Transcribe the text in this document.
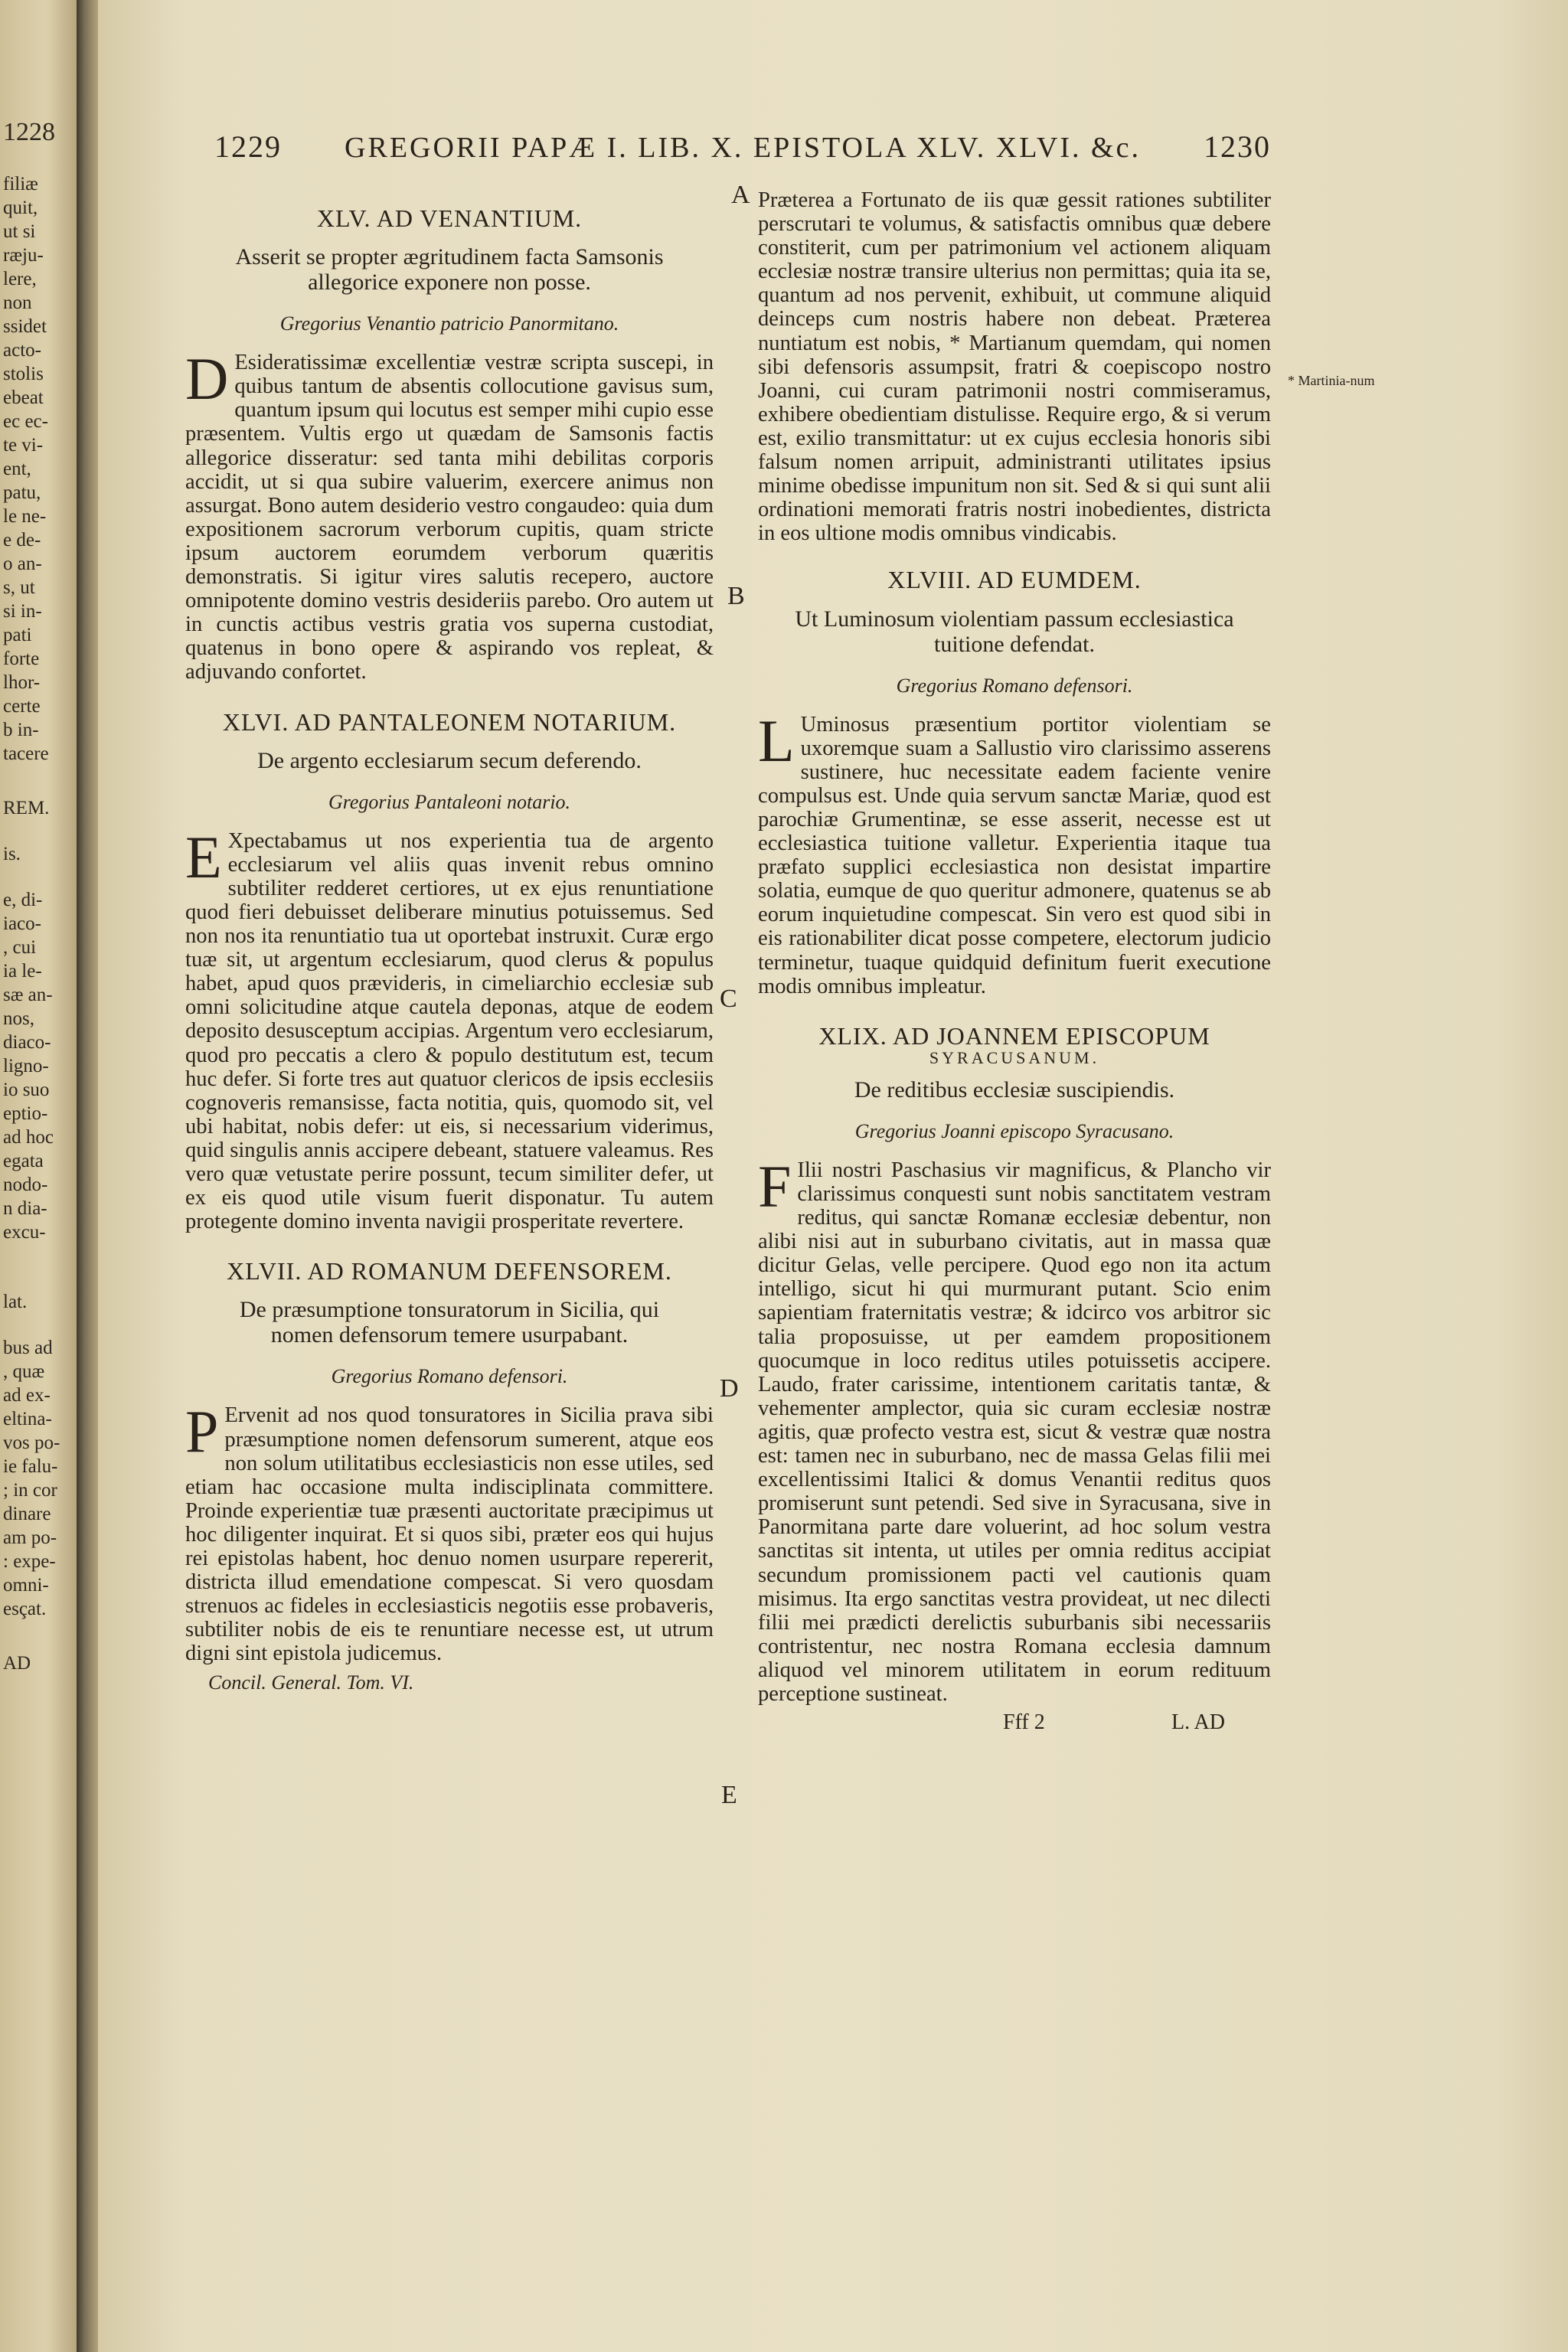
1228
filiæ
quit,
ut si
ræju-
lere,
non
ssidet
acto-
stolis
ebeat
ec ec-
te vi-
ent,
patu,
le ne-
e de-
o an-
s, ut
si in-
pati
forte
lhor-
certe
b in-
tacere
REM.
is.
e, di-
iaco-
, cui
ia le-
sæ an-
nos,
diaco-
ligno-
io suo
eptio-
ad hoc
egata
nodo-
n dia-
excu-
lat.
bus ad
, quæ
ad ex-
eltina-
vos po-
ie falu-
; in cor
dinare
am po-
: expe-
omni-
esçat.
AD
1229 GREGORII PAPÆ I. LIB. X. EPISTOLA XLV. XLVI. &c. 1230
A
B
C
D
E
* Martinia-num
XLV. AD VENANTIUM.
Asserit se propter ægritudinem facta Samsonis allegorice exponere non posse.
Gregorius Venantio patricio Panormitano.

D Esideratissimæ excellentiæ vestræ scripta suscepi, in quibus tantum de absentis collocutione gavisus sum, quantum ipsum qui locutus est semper mihi cupio esse præsentem. Vultis ergo ut quædam de Samsonis factis allegorice disseratur: sed tanta mihi debilitas corporis accidit, ut si qua subire valuerim, exercere animus non assurgat. Bono autem desiderio vestro congaudeo: quia dum expositionem sacrorum verborum cupitis, quam stricte ipsum auctorem eorumdem verborum quæritis demonstratis. Si igitur vires salutis recepero, auctore omnipotente domino vestris desideriis parebo. Oro autem ut in cunctis actibus vestris gratia vos superna custodiat, quatenus in bono opere & aspirando vos repleat, & adjuvando confortet.

XLVI. AD PANTALEONEM NOTARIUM.
De argento ecclesiarum secum deferendo.
Gregorius Pantaleoni notario.

E Xpectabamus ut nos experientia tua de argento ecclesiarum vel aliis quas invenit rebus omnino subtiliter redderet certiores, ut ex ejus renuntiatione quod fieri debuisset deliberare minutius potuissemus. Sed non nos ita renuntiatio tua ut oportebat instruxit. Curæ ergo tuæ sit, ut argentum ecclesiarum, quod clerus & populus habet, apud quos prævideris, in cimeliarchio ecclesiæ sub omni solicitudine atque cautela deponas, atque de eodem deposito desusceptum accipias. Argentum vero ecclesiarum, quod pro peccatis a clero & populo destitutum est, tecum huc defer. Si forte tres aut quatuor clericos de ipsis ecclesiis cognoveris remansisse, facta notitia, quis, quomodo sit, vel ubi habitat, nobis defer: ut eis, si necessarium viderimus, quid singulis annis accipere debeant, statuere valeamus. Res vero quæ vetustate perire possunt, tecum similiter defer, ut ex eis quod utile visum fuerit disponatur. Tu autem protegente domino inventa navigii prosperitate revertere.

XLVII. AD ROMANUM DEFENSOREM.
De præsumptione tonsuratorum in Sicilia, qui nomen defensorum temere usurpabant.
Gregorius Romano defensori.

P Ervenit ad nos quod tonsuratores in Sicilia prava sibi præsumptione nomen defensorum sumerent, atque eos non solum utilitatibus ecclesiasticis non esse utiles, sed etiam hac occasione multa indisciplinata committere. Proinde experientiæ tuæ præsenti auctoritate præcipimus ut hoc diligenter inquirat. Et si quos sibi, præter eos qui hujus rei epistolas habent, hoc denuo nomen usurpare repererit, districta illud emendatione compescat. Si vero quosdam strenuos ac fideles in ecclesiasticis negotiis esse probaveris, subtiliter nobis de eis te renuntiare necesse est, ut utrum digni sint epistola judicemus.

Concil. General. Tom. VI.

Præterea a Fortunato de iis quæ gessit rationes subtiliter perscrutari te volumus, & satisfactis omnibus quæ debere constiterit, cum per patrimonium vel actionem aliquam ecclesiæ nostræ transire ulterius non permittas; quia ita se, quantum ad nos pervenit, exhibuit, ut commune aliquid deinceps cum nostris habere non debeat. Præterea nuntiatum est nobis, * Martianum quemdam, qui nomen sibi defensoris assumpsit, fratri & coepiscopo nostro Joanni, cui curam patrimonii nostri commiseramus, exhibere obedientiam distulisse. Require ergo, & si verum est, exilio transmittatur: ut ex cujus ecclesia honoris sibi falsum nomen arripuit, administranti utilitates ipsius minime obedisse impunitum non sit. Sed & si qui sunt alii ordinationi memorati fratris nostri inobedientes, districta in eos ultione modis omnibus vindicabis.

XLVIII. AD EUMDEM.
Ut Luminosum violentiam passum ecclesiastica tuitione defendat.
Gregorius Romano defensori.

L Uminosus præsentium portitor violentiam se uxoremque suam a Sallustio viro clarissimo asserens sustinere, huc necessitate eadem faciente venire compulsus est. Unde quia servum sanctæ Mariæ, quod est parochiæ Grumentinæ, se esse asserit, necesse est ut ecclesiastica tuitione valletur. Experientia itaque tua præfato supplici ecclesiastica non desistat impartire solatia, eumque de quo queritur admonere, quatenus se ab eorum inquietudine compescat. Sin vero est quod sibi in eis rationabiliter dicat posse competere, electorum judicio terminetur, tuaque quidquid definitum fuerit executione modis omnibus impleatur.

XLIX. AD JOANNEM EPISCOPUM
SYRACUSANUM.
De reditibus ecclesiæ suscipiendis.
Gregorius Joanni episcopo Syracusano.

F Ilii nostri Paschasius vir magnificus, & Plancho vir clarissimus conquesti sunt nobis sanctitatem vestram reditus, qui sanctæ Romanæ ecclesiæ debentur, non alibi nisi aut in suburbano civitatis, aut in massa quæ dicitur Gelas, velle percipere. Quod ego non ita actum intelligo, sicut hi qui murmurant putant. Scio enim sapientiam fraternitatis vestræ; & idcirco vos arbitror sic talia proposuisse, ut per eamdem propositionem quocumque in loco reditus utiles potuissetis accipere. Laudo, frater carissime, intentionem caritatis tantæ, & vehementer amplector, quia sic curam ecclesiæ nostræ agitis, quæ profecto vestra est, sicut & vestræ quæ nostra est: tamen nec in suburbano, nec de massa Gelas filii mei excellentissimi Italici & domus Venantii reditus quos promiserunt sunt petendi. Sed sive in Syracusana, sive in Panormitana parte dare voluerint, ad hoc solum vestra sanctitas sit intenta, ut utiles per omnia reditus accipiat secundum promissionem pacti vel cautionis quam misimus. Ita ergo sanctitas vestra provideat, ut nec dilecti filii mei prædicti derelictis suburbanis sibi necessariis contristentur, nec nostra Romana ecclesia damnum aliquod vel minorem utilitatem in eorum redituum perceptione sustineat.

Fff 2	L. AD
